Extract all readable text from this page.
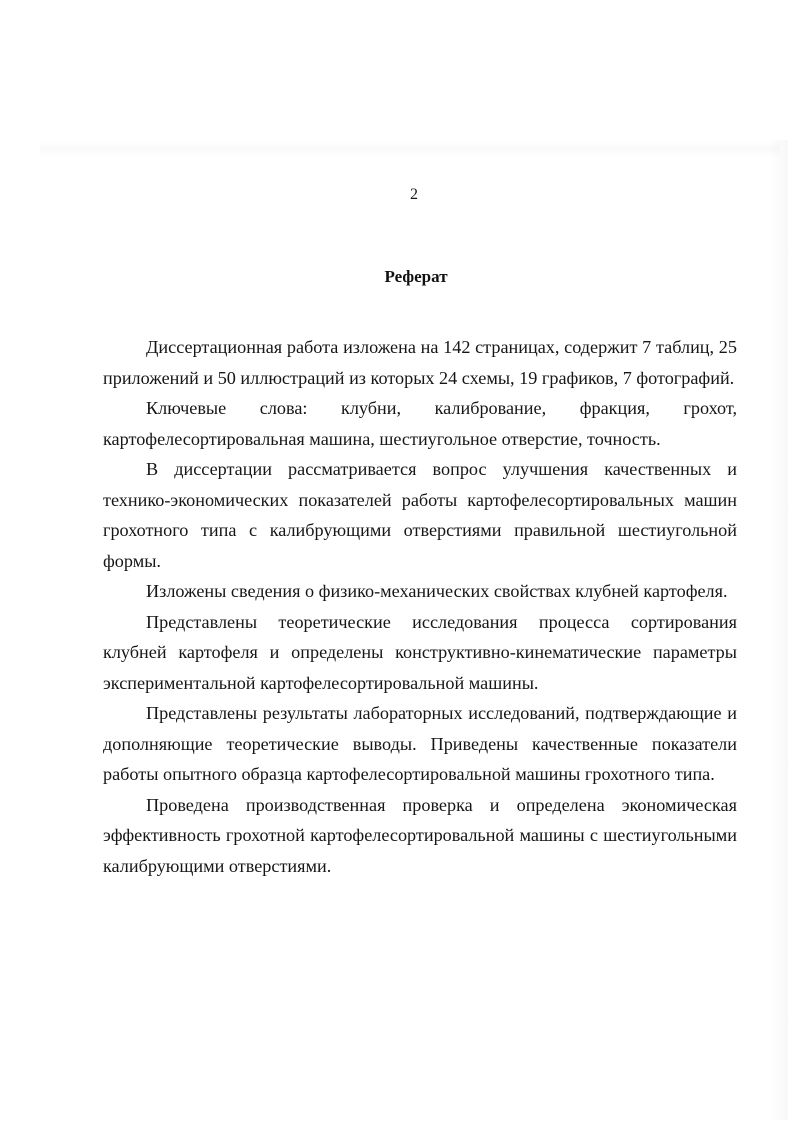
2
Реферат

Диссертационная работа изложена на 142 страницах, содержит 7 таблиц, 25 приложений и 50 иллюстраций из которых 24 схемы, 19 графиков, 7 фотографий.

Ключевые слова: клубни, калибрование, фракция, грохот, картофелесортировальная машина, шестиугольное отверстие, точность.

В диссертации рассматривается вопрос улучшения качественных и технико-экономических показателей работы картофелесортировальных машин грохотного типа с калибрующими отверстиями правильной шестиугольной формы.

Изложены сведения о физико-механических свойствах клубней картофеля.

Представлены теоретические исследования процесса сортирования клубней картофеля и определены конструктивно-кинематические параметры экспериментальной картофелесортировальной машины.

Представлены результаты лабораторных исследований, подтверждающие и дополняющие теоретические выводы. Приведены качественные показатели работы опытного образца картофелесортировальной машины грохотного типа.

Проведена производственная проверка и определена экономическая эффективность грохотной картофелесортировальной машины с шестиугольными калибрующими отверстиями.
